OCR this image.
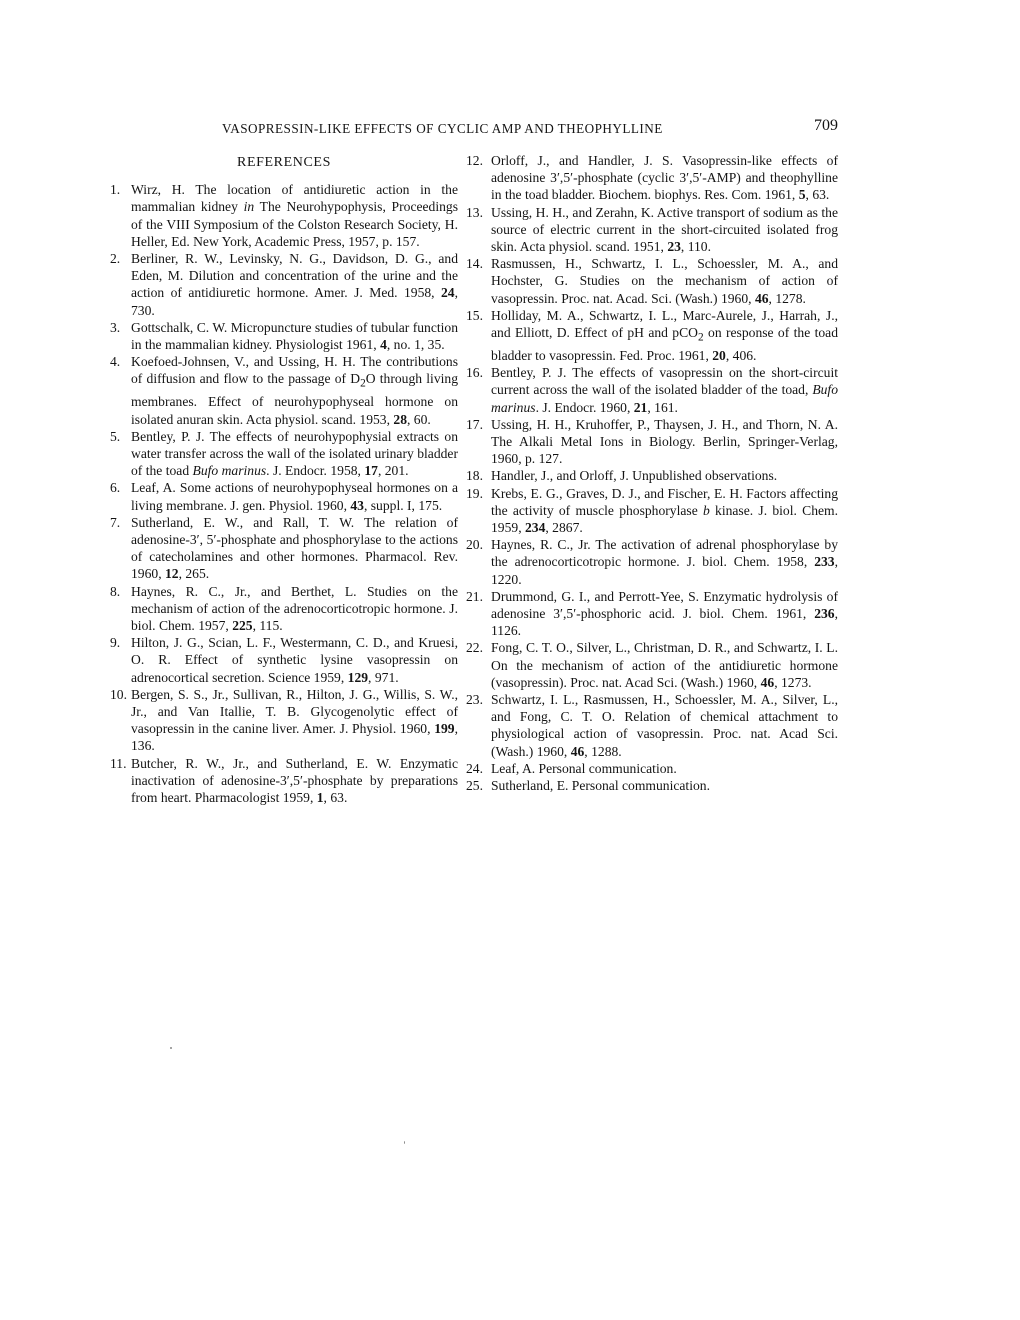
VASOPRESSIN-LIKE EFFECTS OF CYCLIC AMP AND THEOPHYLLINE	709
REFERENCES
1. Wirz, H. The location of antidiuretic action in the mammalian kidney in The Neurohypophysis, Proceedings of the VIII Symposium of the Colston Research Society, H. Heller, Ed. New York, Academic Press, 1957, p. 157.
2. Berliner, R. W., Levinsky, N. G., Davidson, D. G., and Eden, M. Dilution and concentration of the urine and the action of antidiuretic hormone. Amer. J. Med. 1958, 24, 730.
3. Gottschalk, C. W. Micropuncture studies of tubular function in the mammalian kidney. Physiologist 1961, 4, no. 1, 35.
4. Koefoed-Johnsen, V., and Ussing, H. H. The contributions of diffusion and flow to the passage of $D_2O$ through living membranes. Effect of neurohypophyseal hormone on isolated anuran skin. Acta physiol. scand. 1953, 28, 60.
5. Bentley, P. J. The effects of neurohypophysial extracts on water transfer across the wall of the isolated urinary bladder of the toad Bufo marinus. J. Endocr. 1958, 17, 201.
6. Leaf, A. Some actions of neurohypophyseal hormones on a living membrane. J. gen. Physiol. 1960, 43, suppl. I, 175.
7. Sutherland, E. W., and Rall, T. W. The relation of adenosine-3′, 5′-phosphate and phosphorylase to the actions of catecholamines and other hormones. Pharmacol. Rev. 1960, 12, 265.
8. Haynes, R. C., Jr., and Berthet, L. Studies on the mechanism of action of the adrenocorticotropic hormone. J. biol. Chem. 1957, 225, 115.
9. Hilton, J. G., Scian, L. F., Westermann, C. D., and Kruesi, O. R. Effect of synthetic lysine vasopressin on adrenocortical secretion. Science 1959, 129, 971.
10. Bergen, S. S., Jr., Sullivan, R., Hilton, J. G., Willis, S. W., Jr., and Van Itallie, T. B. Glycogenolytic effect of vasopressin in the canine liver. Amer. J. Physiol. 1960, 199, 136.
11. Butcher, R. W., Jr., and Sutherland, E. W. Enzymatic inactivation of adenosine-3′,5′-phosphate by preparations from heart. Pharmacologist 1959, 1, 63.
12. Orloff, J., and Handler, J. S. Vasopressin-like effects of adenosine 3′,5′-phosphate (cyclic 3′,5′-AMP) and theophylline in the toad bladder. Biochem. biophys. Res. Com. 1961, 5, 63.
13. Ussing, H. H., and Zerahn, K. Active transport of sodium as the source of electric current in the short-circuited isolated frog skin. Acta physiol. scand. 1951, 23, 110.
14. Rasmussen, H., Schwartz, I. L., Schoessler, M. A., and Hochster, G. Studies on the mechanism of action of vasopressin. Proc. nat. Acad. Sci. (Wash.) 1960, 46, 1278.
15. Holliday, M. A., Schwartz, I. L., Marc-Aurele, J., Harrah, J., and Elliott, D. Effect of pH and pCO$_2$ on response of the toad bladder to vasopressin. Fed. Proc. 1961, 20, 406.
16. Bentley, P. J. The effects of vasopressin on the short-circuit current across the wall of the isolated bladder of the toad, Bufo marinus. J. Endocr. 1960, 21, 161.
17. Ussing, H. H., Kruhoffer, P., Thaysen, J. H., and Thorn, N. A. The Alkali Metal Ions in Biology. Berlin, Springer-Verlag, 1960, p. 127.
18. Handler, J., and Orloff, J. Unpublished observations.
19. Krebs, E. G., Graves, D. J., and Fischer, E. H. Factors affecting the activity of muscle phosphorylase b kinase. J. biol. Chem. 1959, 234, 2867.
20. Haynes, R. C., Jr. The activation of adrenal phosphorylase by the adrenocorticotropic hormone. J. biol. Chem. 1958, 233, 1220.
21. Drummond, G. I., and Perrott-Yee, S. Enzymatic hydrolysis of adenosine 3′,5′-phosphoric acid. J. biol. Chem. 1961, 236, 1126.
22. Fong, C. T. O., Silver, L., Christman, D. R., and Schwartz, I. L. On the mechanism of action of the antidiuretic hormone (vasopressin). Proc. nat. Acad Sci. (Wash.) 1960, 46, 1273.
23. Schwartz, I. L., Rasmussen, H., Schoessler, M. A., Silver, L., and Fong, C. T. O. Relation of chemical attachment to physiological action of vasopressin. Proc. nat. Acad Sci. (Wash.) 1960, 46, 1288.
24. Leaf, A. Personal communication.
25. Sutherland, E. Personal communication.
